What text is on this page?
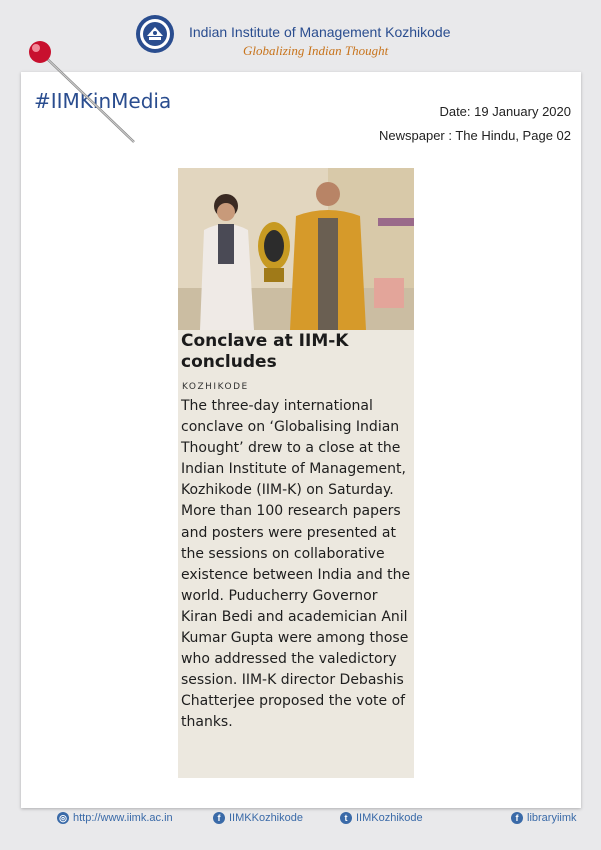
Indian Institute of Management Kozhikode
Globalizing Indian Thought
#IIMKinMedia	Date: 19 January 2020
Newspaper : The Hindu, Page 02
Conclave at IIM-K concludes
KOZHIKODE
The three-day international conclave on ‘Globalising Indian Thought’ drew to a close at the Indian Institute of Management, Kozhikode (IIM-K) on Saturday. More than 100 research papers and posters were presented at the sessions on collaborative existence between India and the world. Puducherry Governor Kiran Bedi and academician Anil Kumar Gupta were among those who addressed the valedictory session. IIM-K director Debashis Chatterjee proposed the vote of thanks.
◎ http://www.iimk.ac.in	f IIMKKozhikode	t IIMKozhikode	f libraryiimk
